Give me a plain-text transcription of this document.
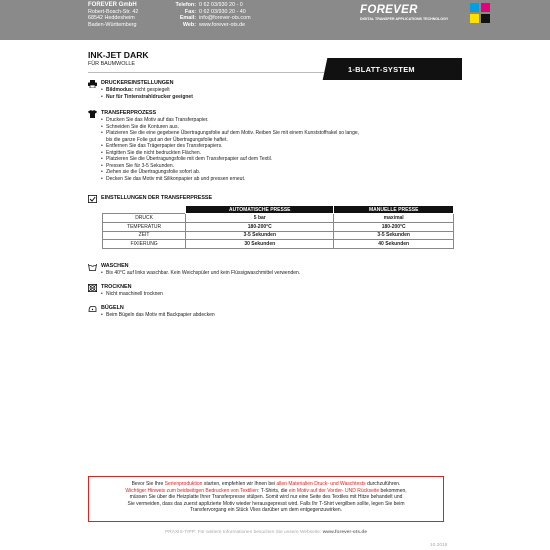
FOREVER GmbH
Robert-Bosch-Str. 42
68542 Heddesheim
Baden-Württemberg
Telefon: 0 62 03/930 20 - 0
Fax: 0 62 03/930 20 - 40
Email: info@forever-ots.com
Web: www.forever-ots.de
FOREVER
DIGITAL TRANSFER APPLICATIONS TECHNOLOGY
INK-JET DARK
FÜR BAUMWOLLE
1-BLATT-SYSTEM
DRUCKEREINSTELLUNGEN
• Bildmodus: nicht gespiegelt
• Nur für Tintenstrahldrucker geeignet
TRANSFERPROZESS
• Drucken Sie das Motiv auf das Transferpapier.
• Schneiden Sie die Konturen aus.
• Platzieren Sie die eine gegebene Übertragungsfolie auf dem Motiv. Reiben Sie mit einem Kunststoffrakel so lange,
bis die ganze Folie gut an der Übertragungsfolie haftet.
• Entfernen Sie das Trägerpapier des Transferpapiers.
• Entgitten Sie die nicht bedruckten Flächen.
• Platzieren Sie die Übertragungsfolie mit dem Transferpapier auf dem Textil.
• Pressen Sie für 3-5 Sekunden.
• Ziehen sie die Übertragungsfolie sofort ab.
• Decken Sie das Motiv mit Silikonpapier ab und pressen erneut.
EINSTELLUNGEN DER TRANSFERPRESSE
	AUTOMATISCHE PRESSE	MANUELLE PRESSE
DRUCK	5 bar	maximal
TEMPERATUR	180-200°C	180-200°C
ZEIT	3-5 Sekunden	3-5 Sekunden
FIXIERUNG	30 Sekunden	40 Sekunden
WASCHEN
• Bis 40°C auf links waschbar. Kein Weichspüler und kein Flüssigwaschmittel verwenden.
TROCKNEN
• Nicht maschinell trocknen
BÜGELN
• Beim Bügeln das Motiv mit Backpapier abdecken
Bevor Sie Ihre Serienproduktion starten, empfehlen wir Ihnen bei allen Materialien Druck- und Waschtests durchzuführen.
Wichtiger Hinweis zum beidseitigen Bedrucken von Textilien: T-Shirts, die ein Motiv auf der Vorder- UND Rückseite bekommen,
müssen Sie über die Heizplatte Ihrer Transferpresse stülpen. Somit wird nur eine Seite des Textiles mit Hitze behandelt und
Sie vermeiden, dass das zuerst applizierte Motiv wieder herausgepresst wird. Falls Ihr T-Shirt vergilben sollte, legen Sie beim
Transfervorgang ein Stück Vlies darüber um dem entgegenzuwirken.
PRAXIS-TIPP: Für weitere Informationen besuchen Sie unsere Webseite: www.forever-ots.de
10.2019
